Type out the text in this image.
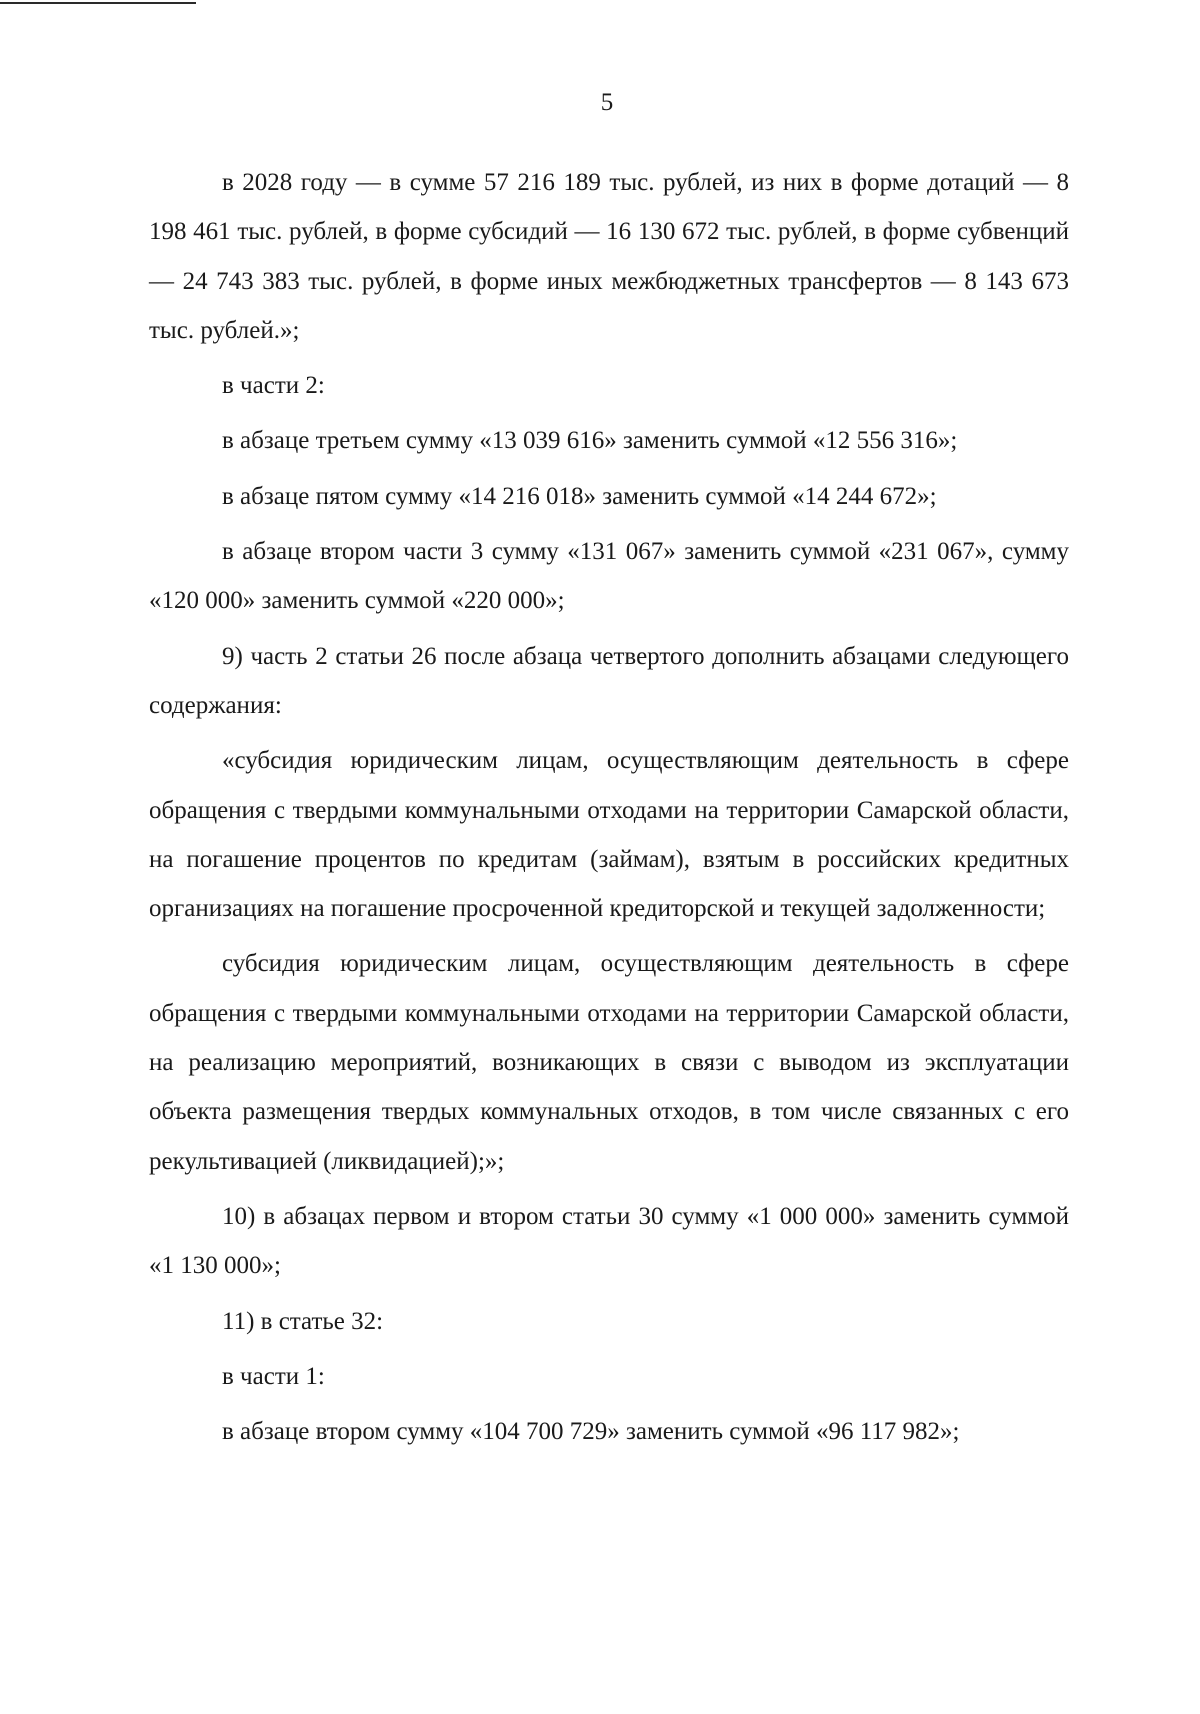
5

в 2028 году — в сумме 57 216 189 тыс. рублей, из них в форме дотаций — 8 198 461 тыс. рублей, в форме субсидий — 16 130 672 тыс. рублей, в форме субвенций — 24 743 383 тыс. рублей, в форме иных межбюджетных трансфертов — 8 143 673 тыс. рублей.»;

в части 2:

в абзаце третьем сумму «13 039 616» заменить суммой «12 556 316»;

в абзаце пятом сумму «14 216 018» заменить суммой «14 244 672»;

в абзаце втором части 3 сумму «131 067» заменить суммой «231 067», сумму «120 000» заменить суммой «220 000»;

9) часть 2 статьи 26 после абзаца четвертого дополнить абзацами следующего содержания:

«субсидия юридическим лицам, осуществляющим деятельность в сфере обращения с твердыми коммунальными отходами на территории Самарской области, на погашение процентов по кредитам (займам), взятым в российских кредитных организациях на погашение просроченной кредиторской и текущей задолженности;

субсидия юридическим лицам, осуществляющим деятельность в сфере обращения с твердыми коммунальными отходами на территории Самарской области, на реализацию мероприятий, возникающих в связи с выводом из эксплуатации объекта размещения твердых коммунальных отходов, в том числе связанных с его рекультивацией (ликвидацией);»;

10) в абзацах первом и втором статьи 30 сумму «1 000 000» заменить суммой «1 130 000»;

11) в статье 32:

в части 1:

в абзаце втором сумму «104 700 729» заменить суммой «96 117 982»;
